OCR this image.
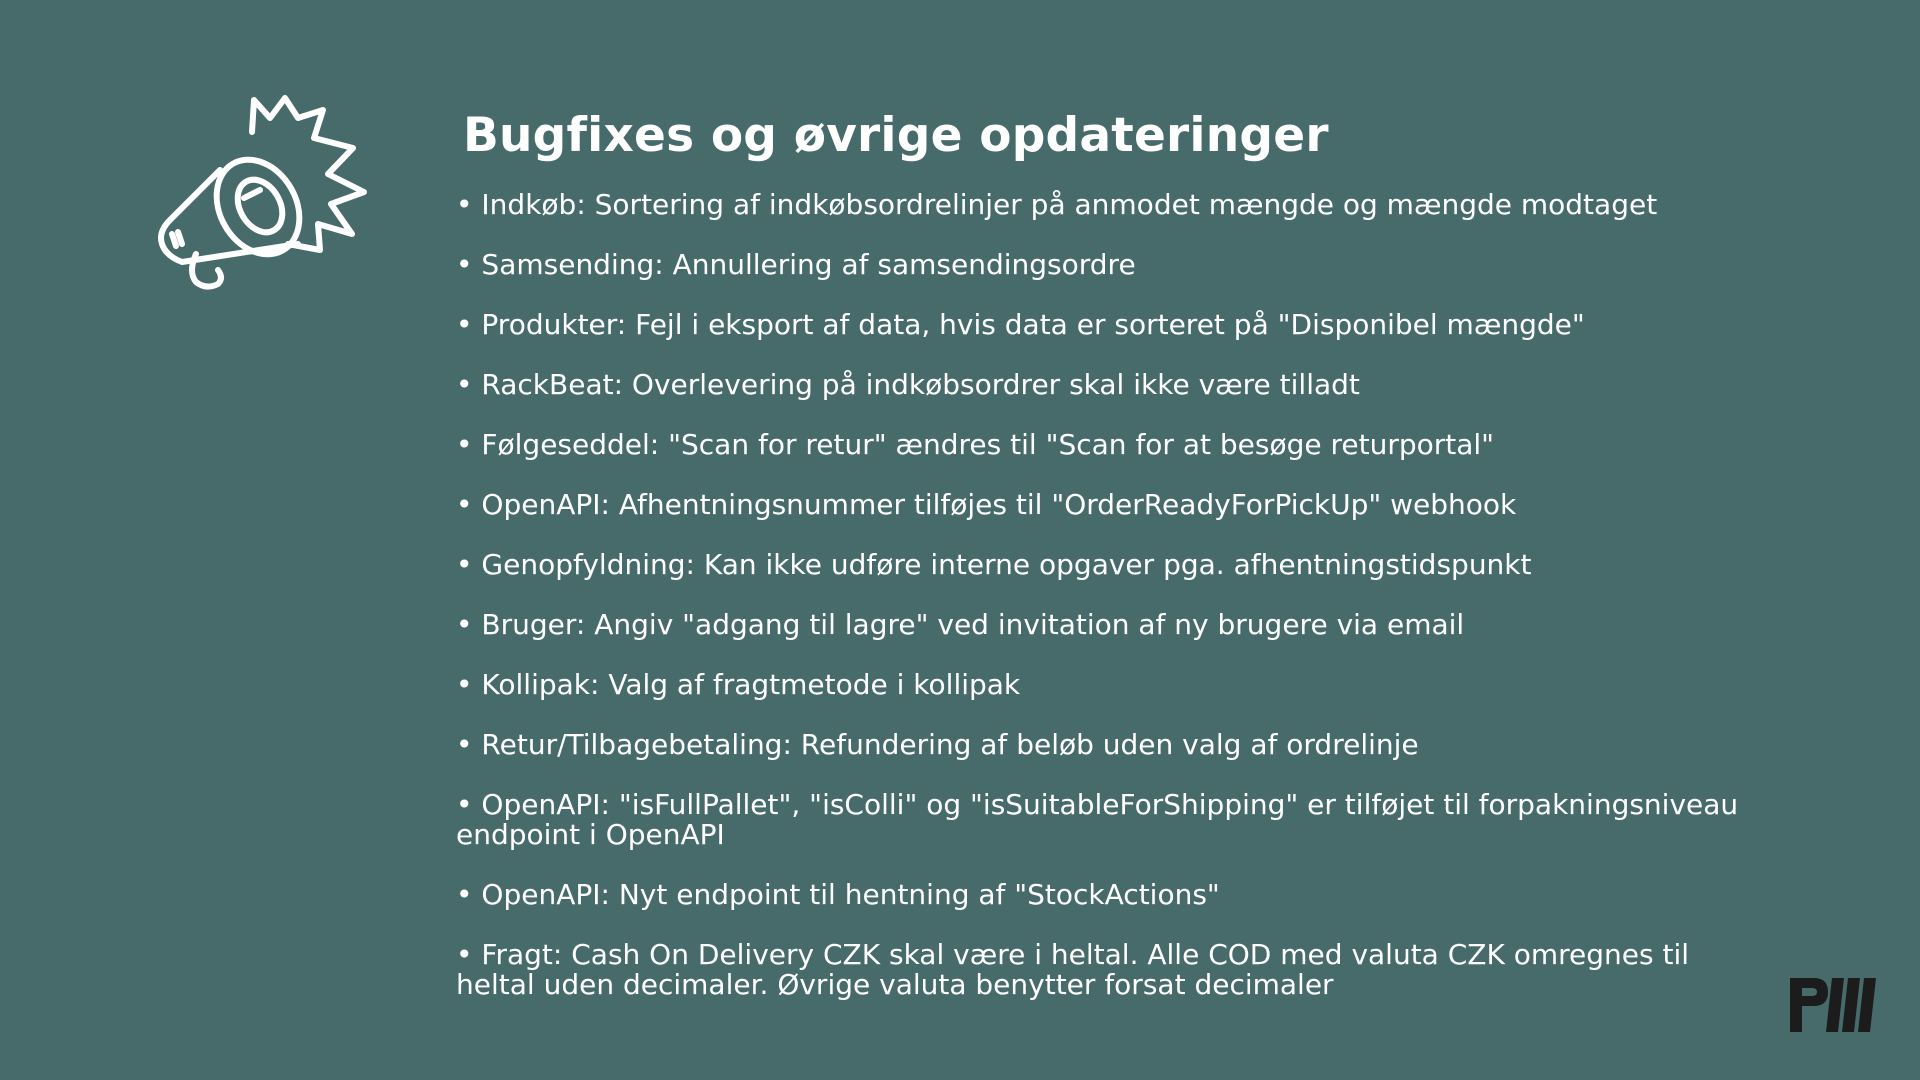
Bugfixes og øvrige opdateringer
• Indkøb: Sortering af indkøbsordrelinjer på anmodet mængde og mængde modtaget
• Samsending: Annullering af samsendingsordre
• Produkter: Fejl i eksport af data, hvis data er sorteret på "Disponibel mængde"
• RackBeat: Overlevering på indkøbsordrer skal ikke være tilladt
• Følgeseddel: "Scan for retur" ændres til "Scan for at besøge returportal"
• OpenAPI: Afhentningsnummer tilføjes til "OrderReadyForPickUp" webhook
• Genopfyldning: Kan ikke udføre interne opgaver pga. afhentningstidspunkt
• Bruger: Angiv "adgang til lagre" ved invitation af ny brugere via email
• Kollipak: Valg af fragtmetode i kollipak
• Retur/Tilbagebetaling: Refundering af beløb uden valg af ordrelinje
• OpenAPI: "isFullPallet", "isColli" og "isSuitableForShipping" er tilføjet til forpakningsniveau endpoint i OpenAPI
• OpenAPI: Nyt endpoint til hentning af "StockActions"
• Fragt: Cash On Delivery CZK skal være i heltal. Alle COD med valuta CZK omregnes til heltal uden decimaler. Øvrige valuta benytter forsat decimaler
